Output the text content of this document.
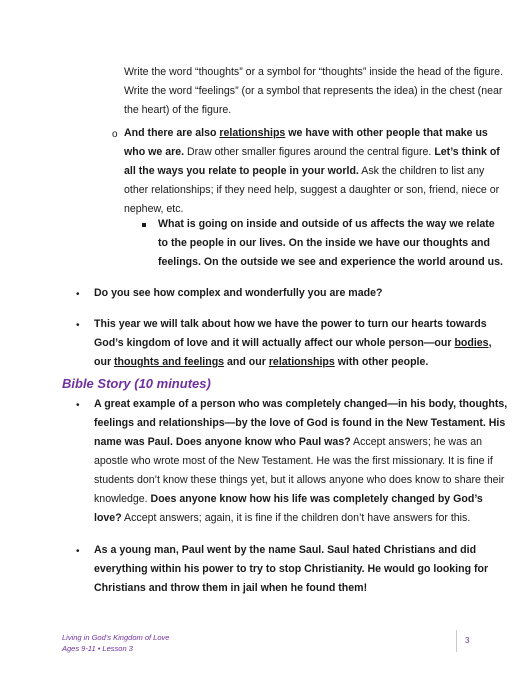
Write the word “thoughts” or a symbol for “thoughts” inside the head of the figure.

Write the word “feelings” (or a symbol that represents the idea) in the chest (near

the heart) of the figure.

o And there are also relationships we have with other people that make us

who we are. Draw other smaller figures around the central figure. Let’s think of

all the ways you relate to people in your world. Ask the children to list any

other relationships; if they need help, suggest a daughter or son, friend, niece or

nephew, etc.

What is going on inside and outside of us affects the way we relate

to the people in our lives. On the inside we have our thoughts and

feelings. On the outside we see and experience the world around us.

• Do you see how complex and wonderfully you are made?

• This year we will talk about how we have the power to turn our hearts towards

God’s kingdom of love and it will actually affect our whole person—our bodies,

our thoughts and feelings and our relationships with other people.

Bible Story (10 minutes)
• A great example of a person who was completely changed—in his body, thoughts,

feelings and relationships—by the love of God is found in the New Testament. His

name was Paul. Does anyone know who Paul was? Accept answers; he was an

apostle who wrote most of the New Testament. He was the first missionary. It is fine if

students don’t know these things yet, but it allows anyone who does know to share their

knowledge. Does anyone know how his life was completely changed by God’s

love? Accept answers; again, it is fine if the children don’t have answers for this.

• As a young man, Paul went by the name Saul. Saul hated Christians and did

everything within his power to try to stop Christianity. He would go looking for

Christians and throw them in jail when he found them!

Living in God’s Kingdom of Love
Ages 9-11 • Lesson 3
3
